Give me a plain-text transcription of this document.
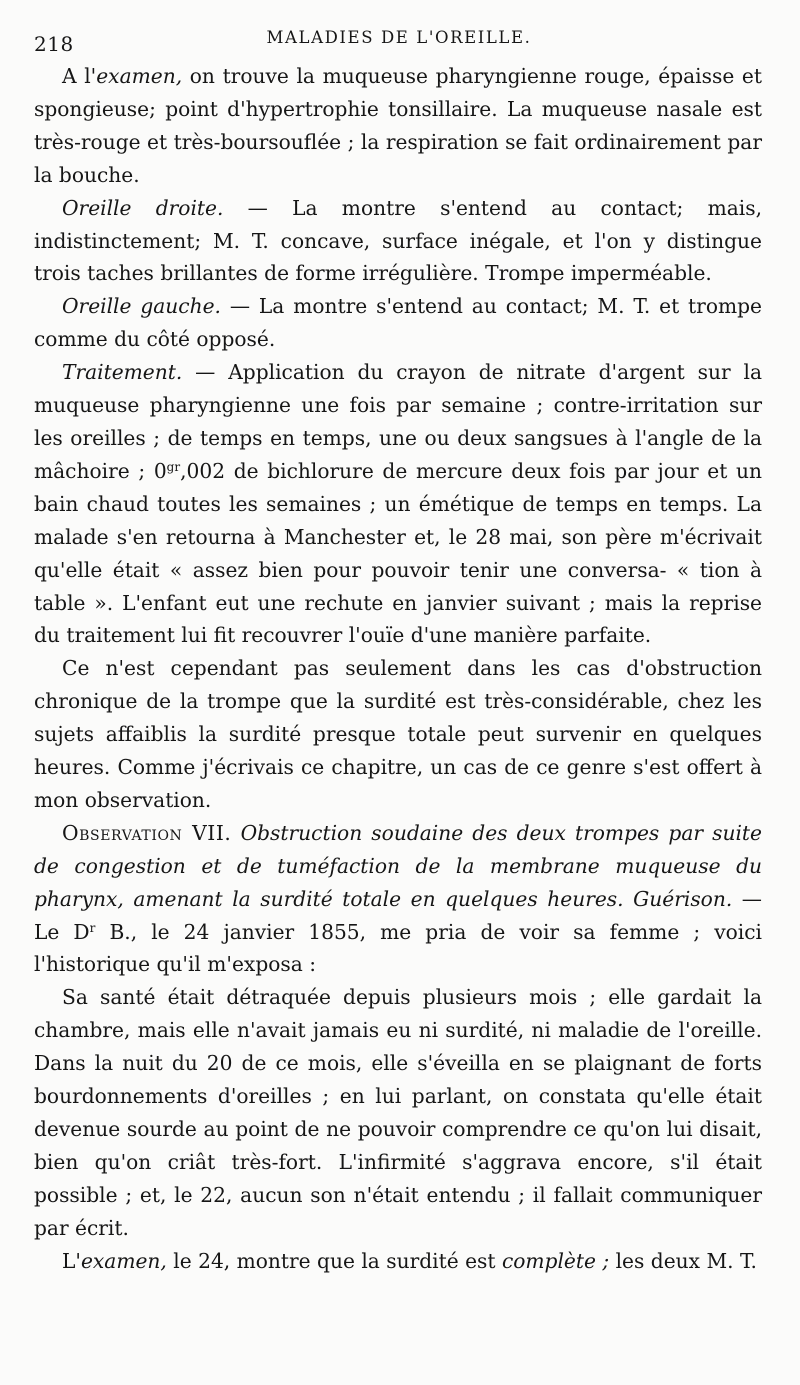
218	MALADIES DE L'OREILLE.

A l'examen, on trouve la muqueuse pharyngienne rouge, épaisse et spongieuse; point d'hypertrophie tonsillaire. La muqueuse nasale est très-rouge et très-boursouflée ; la respiration se fait ordinairement par la bouche.

Oreille droite. — La montre s'entend au contact; mais, indistinctement; M. T. concave, surface inégale, et l'on y distingue trois taches brillantes de forme irrégulière. Trompe imperméable.

Oreille gauche. — La montre s'entend au contact; M. T. et trompe comme du côté opposé.

Traitement. — Application du crayon de nitrate d'argent sur la muqueuse pharyngienne une fois par semaine ; contre-irritation sur les oreilles ; de temps en temps, une ou deux sangsues à l'angle de la mâchoire ; $0^{gr},002$ de bichlorure de mercure deux fois par jour et un bain chaud toutes les semaines ; un émétique de temps en temps. La malade s'en retourna à Manchester et, le 28 mai, son père m'écrivait qu'elle était « assez bien pour pouvoir tenir une conversa- « tion à table ». L'enfant eut une rechute en janvier suivant ; mais la reprise du traitement lui fit recouvrer l'ouïe d'une manière parfaite.

Ce n'est cependant pas seulement dans les cas d'obstruction chronique de la trompe que la surdité est très-considérable, chez les sujets affaiblis la surdité presque totale peut survenir en quelques heures. Comme j'écrivais ce chapitre, un cas de ce genre s'est offert à mon observation.

Observation VII. Obstruction soudaine des deux trompes par suite de congestion et de tuméfaction de la membrane muqueuse du pharynx, amenant la surdité totale en quelques heures. Guérison. — Le $D^r$ B., le 24 janvier 1855, me pria de voir sa femme ; voici l'historique qu'il m'exposa :

Sa santé était détraquée depuis plusieurs mois ; elle gardait la chambre, mais elle n'avait jamais eu ni surdité, ni maladie de l'oreille. Dans la nuit du 20 de ce mois, elle s'éveilla en se plaignant de forts bourdonnements d'oreilles ; en lui parlant, on constata qu'elle était devenue sourde au point de ne pouvoir comprendre ce qu'on lui disait, bien qu'on criât très-fort. L'infirmité s'aggrava encore, s'il était possible ; et, le 22, aucun son n'était entendu ; il fallait communiquer par écrit.

L'examen, le 24, montre que la surdité est complète ; les deux M. T.
